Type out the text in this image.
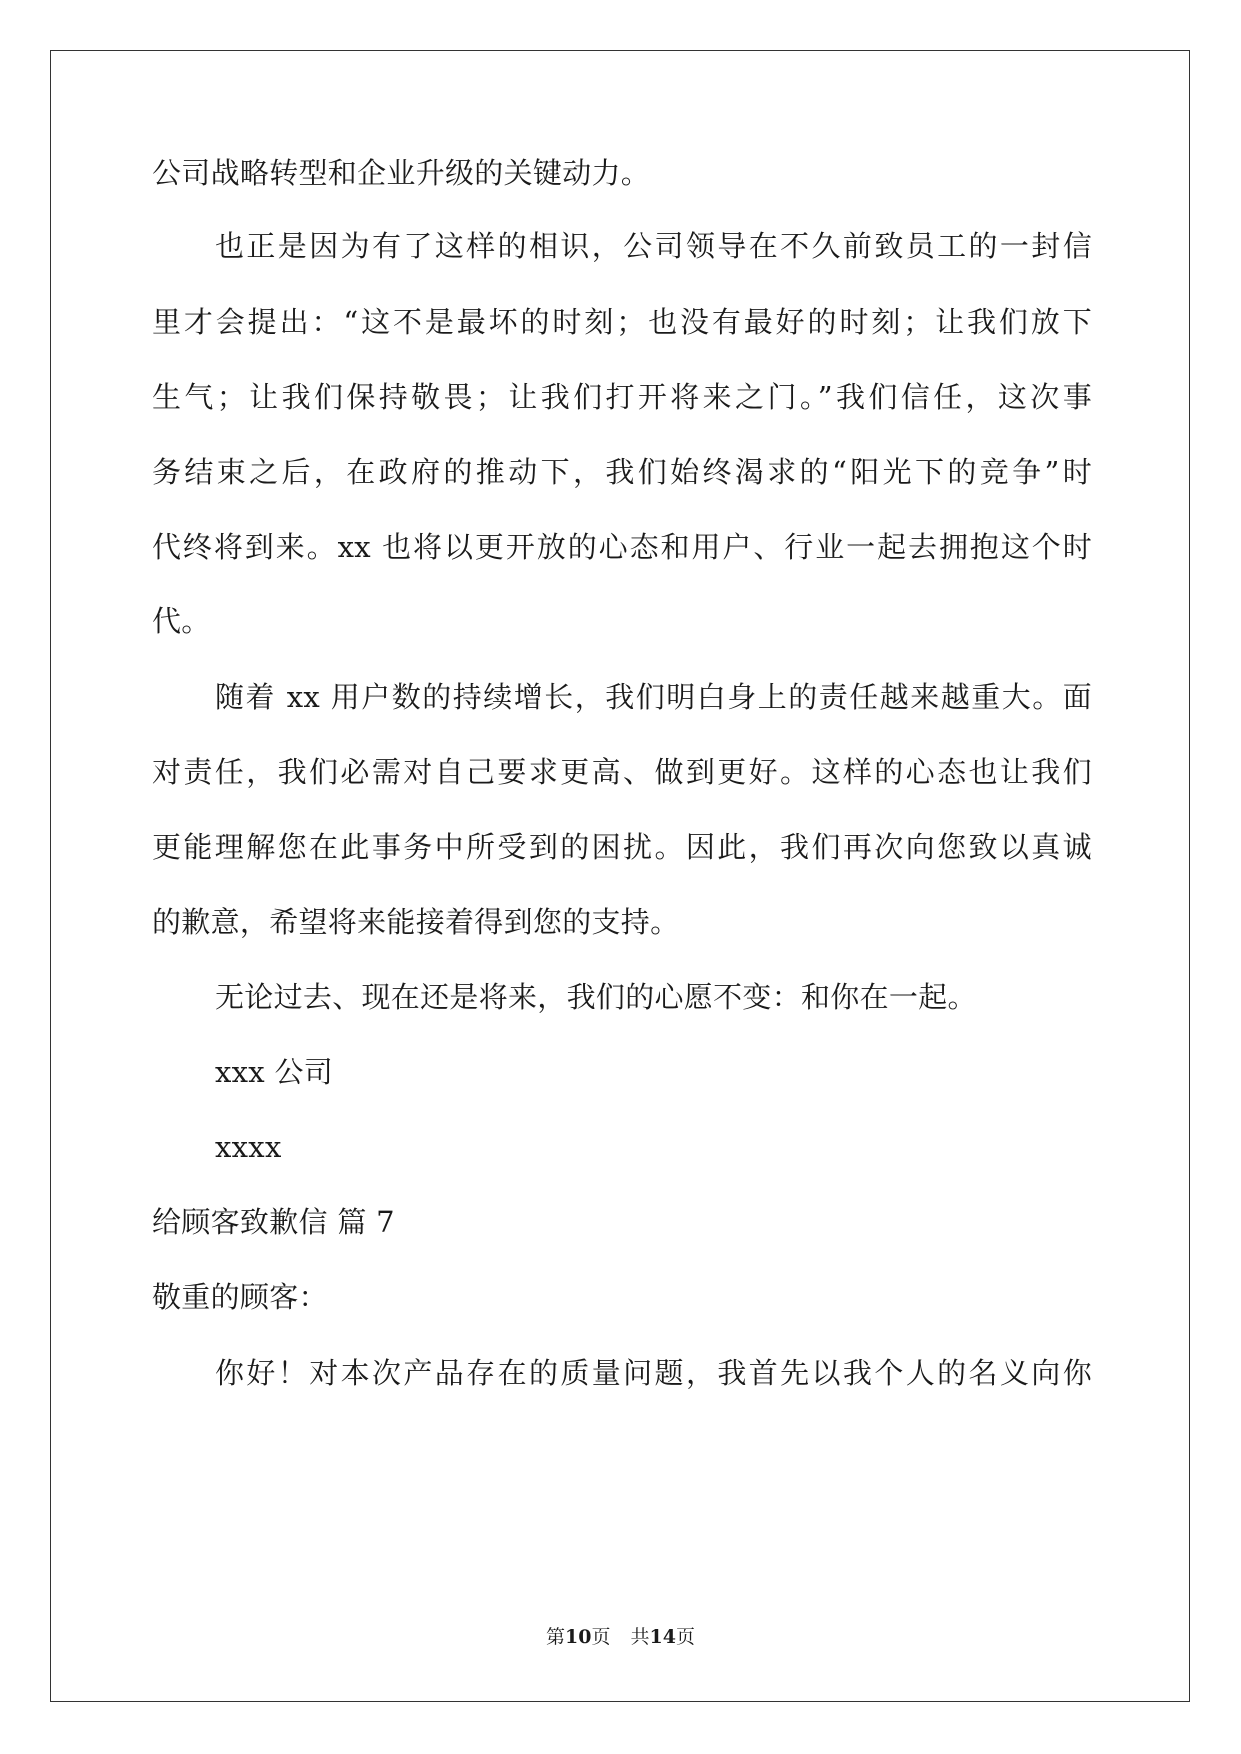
公司战略转型和企业升级的关键动力。
也正是因为有了这样的相识，公司领导在不久前致员工的一封信
里才会提出：“这不是最坏的时刻；也没有最好的时刻；让我们放下
生气；让我们保持敬畏；让我们打开将来之门。”我们信任，这次事
务结束之后，在政府的推动下，我们始终渴求的“阳光下的竞争”时
代终将到来。xx 也将以更开放的心态和用户、行业一起去拥抱这个时
代。
随着 xx 用户数的持续增长，我们明白身上的责任越来越重大。面
对责任，我们必需对自己要求更高、做到更好。这样的心态也让我们
更能理解您在此事务中所受到的困扰。因此，我们再次向您致以真诚
的歉意，希望将来能接着得到您的支持。
无论过去、现在还是将来，我们的心愿不变：和你在一起。
xxx 公司
xxxx
给顾客致歉信 篇 7
敬重的顾客：
你好！对本次产品存在的质量问题，我首先以我个人的名义向你
第10页 共14页
